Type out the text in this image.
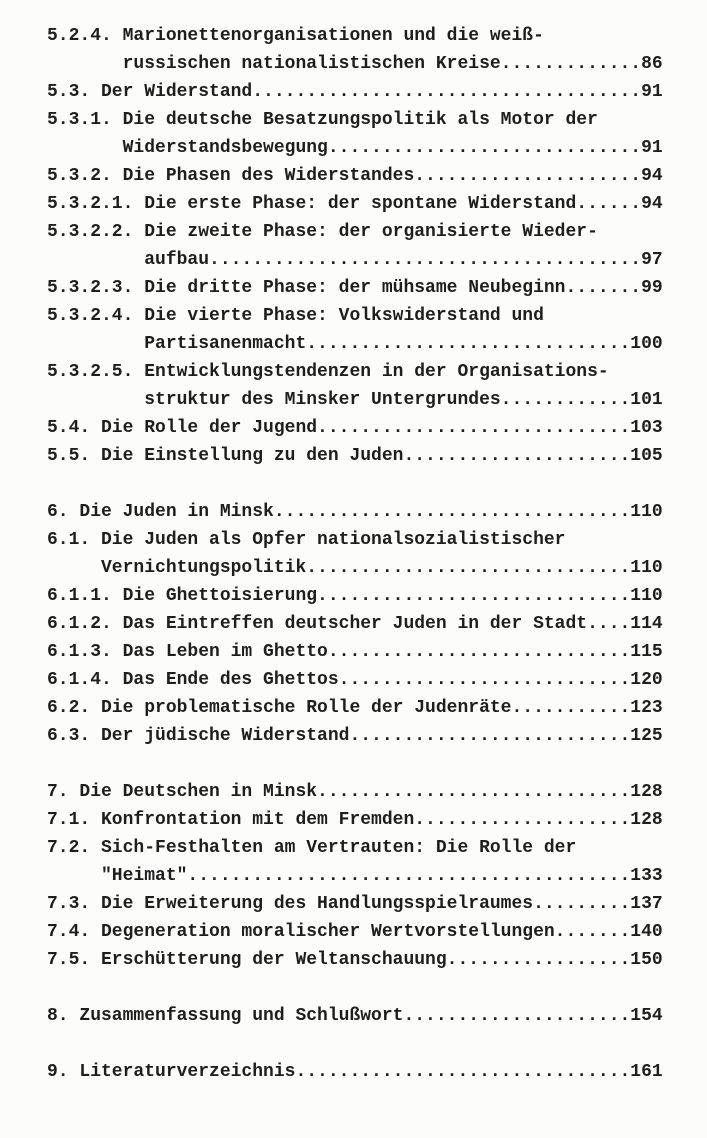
5.2.4. Marionettenorganisationen und die weiß-
russischen nationalistischen Kreise.............86
5.3. Der Widerstand....................................91
5.3.1. Die deutsche Besatzungspolitik als Motor der
Widerstandsbewegung.............................91
5.3.2. Die Phasen des Widerstandes.....................94
5.3.2.1. Die erste Phase: der spontane Widerstand......94
5.3.2.2. Die zweite Phase: der organisierte Wieder-
aufbau........................................97
5.3.2.3. Die dritte Phase: der mühsame Neubeginn.......99
5.3.2.4. Die vierte Phase: Volkswiderstand und
Partisanenmacht..............................100
5.3.2.5. Entwicklungstendenzen in der Organisations-
struktur des Minsker Untergrundes............101
5.4. Die Rolle der Jugend.............................103
5.5. Die Einstellung zu den Juden.....................105
6. Die Juden in Minsk.................................110
6.1. Die Juden als Opfer nationalsozialistischer
Vernichtungspolitik..............................110
6.1.1. Die Ghettoisierung.............................110
6.1.2. Das Eintreffen deutscher Juden in der Stadt....114
6.1.3. Das Leben im Ghetto............................115
6.1.4. Das Ende des Ghettos...........................120
6.2. Die problematische Rolle der Judenräte...........123
6.3. Der jüdische Widerstand..........................125
7. Die Deutschen in Minsk.............................128
7.1. Konfrontation mit dem Fremden....................128
7.2. Sich-Festhalten am Vertrauten: Die Rolle der
"Heimat".........................................133
7.3. Die Erweiterung des Handlungsspielraumes.........137
7.4. Degeneration moralischer Wertvorstellungen.......140
7.5. Erschütterung der Weltanschauung.................150
8. Zusammenfassung und Schlußwort.....................154
9. Literaturverzeichnis...............................161
